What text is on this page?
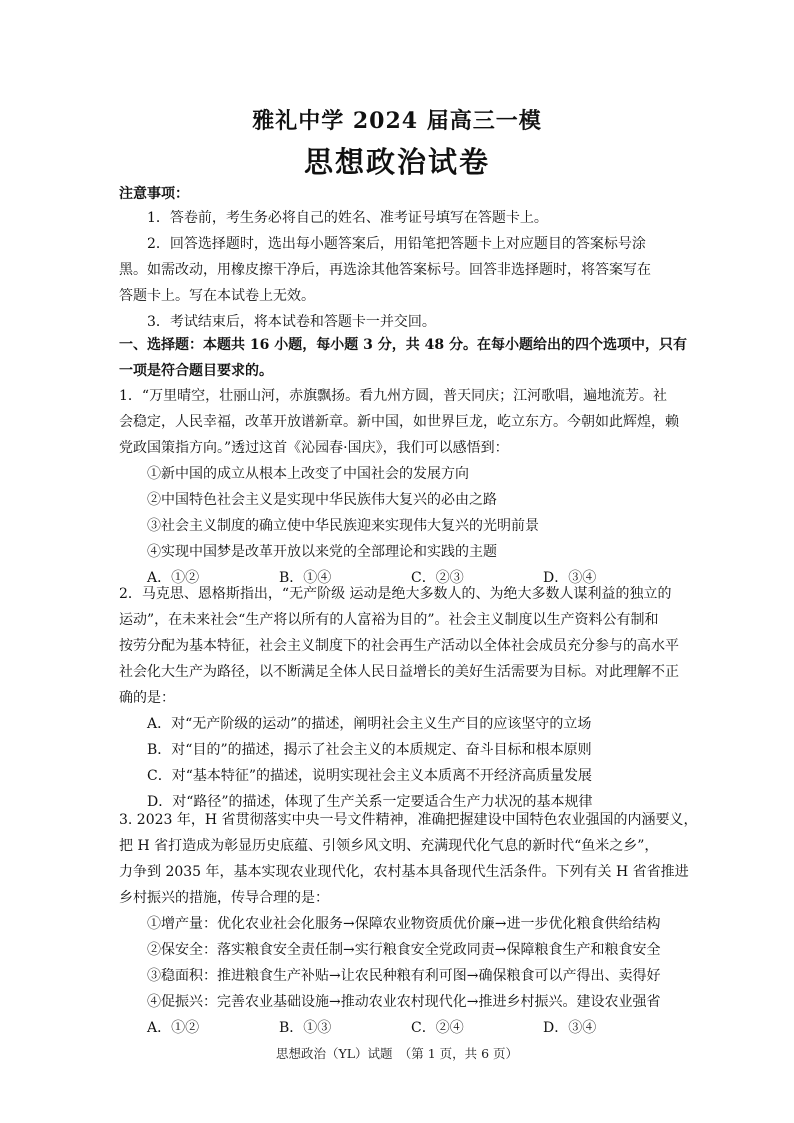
雅礼中学 2024 届高三一模
思想政治试卷
注意事项：
1．答卷前，考生务必将自己的姓名、准考证号填写在答题卡上。
2．回答选择题时，选出每小题答案后，用铅笔把答题卡上对应题目的答案标号涂
黑。如需改动，用橡皮擦干净后，再选涂其他答案标号。回答非选择题时，将答案写在
答题卡上。写在本试卷上无效。
3．考试结束后，将本试卷和答题卡一并交回。
一、选择题：本题共 16 小题，每小题 3 分，共 48 分。在每小题给出的四个选项中，只有
一项是符合题目要求的。
1．“万里晴空，壮丽山河，赤旗飘扬。看九州方圆，普天同庆；江河歌唱，遍地流芳。社
会稳定，人民幸福，改革开放谱新章。新中国，如世界巨龙，屹立东方。今朝如此辉煌，赖
党政国策指方向。”透过这首《沁园春·国庆》，我们可以感悟到：
①新中国的成立从根本上改变了中国社会的发展方向
②中国特色社会主义是实现中华民族伟大复兴的必由之路
③社会主义制度的确立使中华民族迎来实现伟大复兴的光明前景
④实现中国梦是改革开放以来党的全部理论和实践的主题
A．①②	B．①④	C．②③	D．③④
2．马克思、恩格斯指出，“无产阶级 运动是绝大多数人的、为绝大多数人谋利益的独立的
运动”，在未来社会“生产将以所有的人富裕为目的”。社会主义制度以生产资料公有制和
按劳分配为基本特征，社会主义制度下的社会再生产活动以全体社会成员充分参与的高水平
社会化大生产为路径，以不断满足全体人民日益增长的美好生活需要为目标。对此理解不正
确的是：
A．对“无产阶级的运动”的描述，阐明社会主义生产目的应该坚守的立场
B．对“目的”的描述，揭示了社会主义的本质规定、奋斗目标和根本原则
C．对“基本特征”的描述，说明实现社会主义本质离不开经济高质量发展
D．对“路径”的描述，体现了生产关系一定要适合生产力状况的基本规律
3. 2023 年，H 省贯彻落实中央一号文件精神，准确把握建设中国特色农业强国的内涵要义，
把 H 省打造成为彰显历史底蕴、引领乡风文明、充满现代化气息的新时代“鱼米之乡”，
力争到 2035 年，基本实现农业现代化，农村基本具备现代生活条件。下列有关 H 省省推进
乡村振兴的措施，传导合理的是：
①增产量：优化农业社会化服务→保障农业物资质优价廉→进一步优化粮食供给结构
②保安全：落实粮食安全责任制→实行粮食安全党政同责→保障粮食生产和粮食安全
③稳面积：推进粮食生产补贴→让农民种粮有利可图→确保粮食可以产得出、卖得好
④促振兴：完善农业基础设施→推动农业农村现代化→推进乡村振兴。建设农业强省
A．①②	B．①③	C．②④	D．③④
思想政治（YL）试题　（第 1 页，共 6 页）
